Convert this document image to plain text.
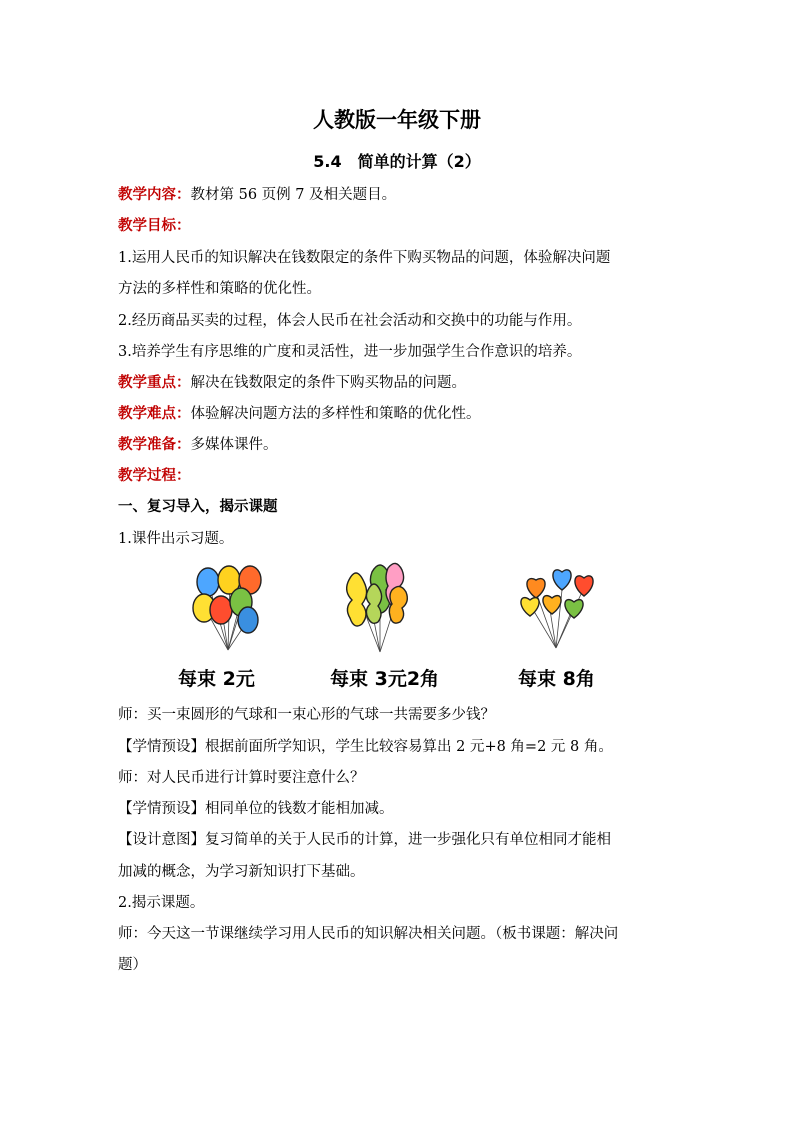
人教版一年级下册
5.4　简单的计算（2）
教学内容：教材第 56 页例 7 及相关题目。
教学目标：
1.运用人民币的知识解决在钱数限定的条件下购买物品的问题，体验解决问题
方法的多样性和策略的优化性。
2.经历商品买卖的过程，体会人民币在社会活动和交换中的功能与作用。
3.培养学生有序思维的广度和灵活性，进一步加强学生合作意识的培养。
教学重点：解决在钱数限定的条件下购买物品的问题。
教学难点：体验解决问题方法的多样性和策略的优化性。
教学准备：多媒体课件。
教学过程：
一、复习导入，揭示课题
1.课件出示习题。
每束 2元	每束 3元2角	每束 8角
师：买一束圆形的气球和一束心形的气球一共需要多少钱？
【学情预设】根据前面所学知识，学生比较容易算出 2 元+8 角=2 元 8 角。
师：对人民币进行计算时要注意什么？
【学情预设】相同单位的钱数才能相加减。
【设计意图】复习简单的关于人民币的计算，进一步强化只有单位相同才能相
加减的概念，为学习新知识打下基础。
2.揭示课题。
师：今天这一节课继续学习用人民币的知识解决相关问题。（板书课题：解决问
题）
